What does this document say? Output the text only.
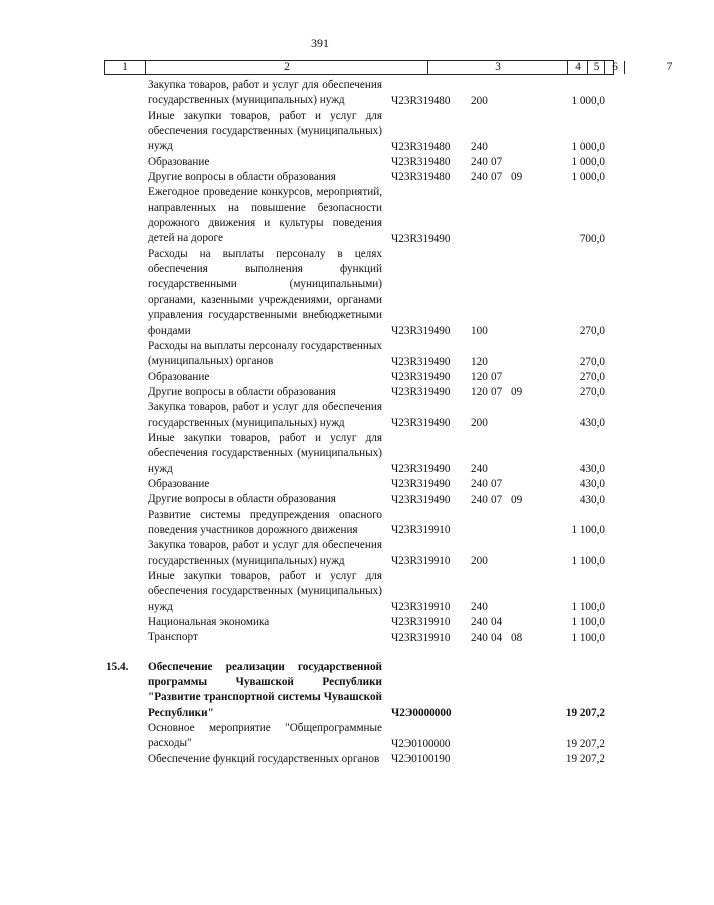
391
1	2	3	4	5	6	7
Закупка товаров, работ и услуг для обеспечения государственных (муниципальных) нужд	Ч23R319480 200	1 000,0
Иные закупки товаров, работ и услуг для обеспечения государственных (муниципальных) нужд	Ч23R319480 240	1 000,0
Образование	Ч23R319480 240 07	1 000,0
Другие вопросы в области образования	Ч23R319480 240 07 09	1 000,0
Ежегодное проведение конкурсов, мероприятий, направленных на повышение безопасности дорожного движения и культуры поведения детей на дороге	Ч23R319490	700,0
Расходы на выплаты персоналу в целях обеспечения выполнения функций государственными (муниципальными) органами, казенными учреждениями, органами управления государственными внебюджетными фондами	Ч23R319490 100	270,0
Расходы на выплаты персоналу государственных (муниципальных) органов	Ч23R319490 120	270,0
Образование	Ч23R319490 120 07	270,0
Другие вопросы в области образования	Ч23R319490 120 07 09	270,0
Закупка товаров, работ и услуг для обеспечения государственных (муниципальных) нужд	Ч23R319490 200	430,0
Иные закупки товаров, работ и услуг для обеспечения государственных (муниципальных) нужд	Ч23R319490 240	430,0
Образование	Ч23R319490 240 07	430,0
Другие вопросы в области образования	Ч23R319490 240 07 09	430,0
Развитие системы предупреждения опасного поведения участников дорожного движения	Ч23R319910	1 100,0
Закупка товаров, работ и услуг для обеспечения государственных (муниципальных) нужд	Ч23R319910 200	1 100,0
Иные закупки товаров, работ и услуг для обеспечения государственных (муниципальных) нужд	Ч23R319910 240	1 100,0
Национальная экономика	Ч23R319910 240 04	1 100,0
Транспорт	Ч23R319910 240 04 08	1 100,0
15.4. Обеспечение реализации государственной программы Чувашской Республики "Развитие транспортной системы Чувашской Республики"	Ч2Э0000000	19 207,2
Основное мероприятие "Общепрограммные расходы"	Ч2Э0100000	19 207,2
Обеспечение функций государственных органов Ч2Э0100190	19 207,2
